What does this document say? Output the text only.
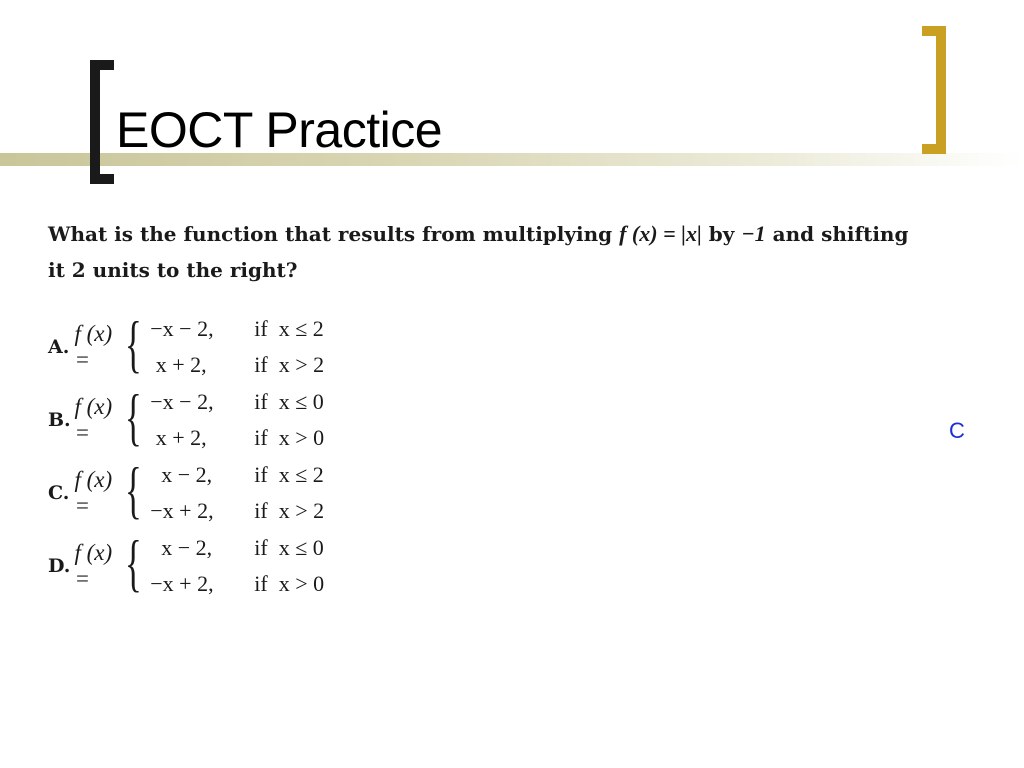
EOCT Practice

What is the function that results from multiplying f (x) = |x| by −1 and shifting it 2 units to the right?

A.
f (x) = { −x − 2,	if  x ≤ 2
x + 2,	if  x > 2
B.
f (x) = { −x − 2,	if  x ≤ 0
x + 2,	if  x > 0
C.
f (x) = { x − 2,	if  x ≤ 2
−x + 2,	if  x > 2
D.
f (x) = { x − 2,	if  x ≤ 0
−x + 2,	if  x > 0
C
